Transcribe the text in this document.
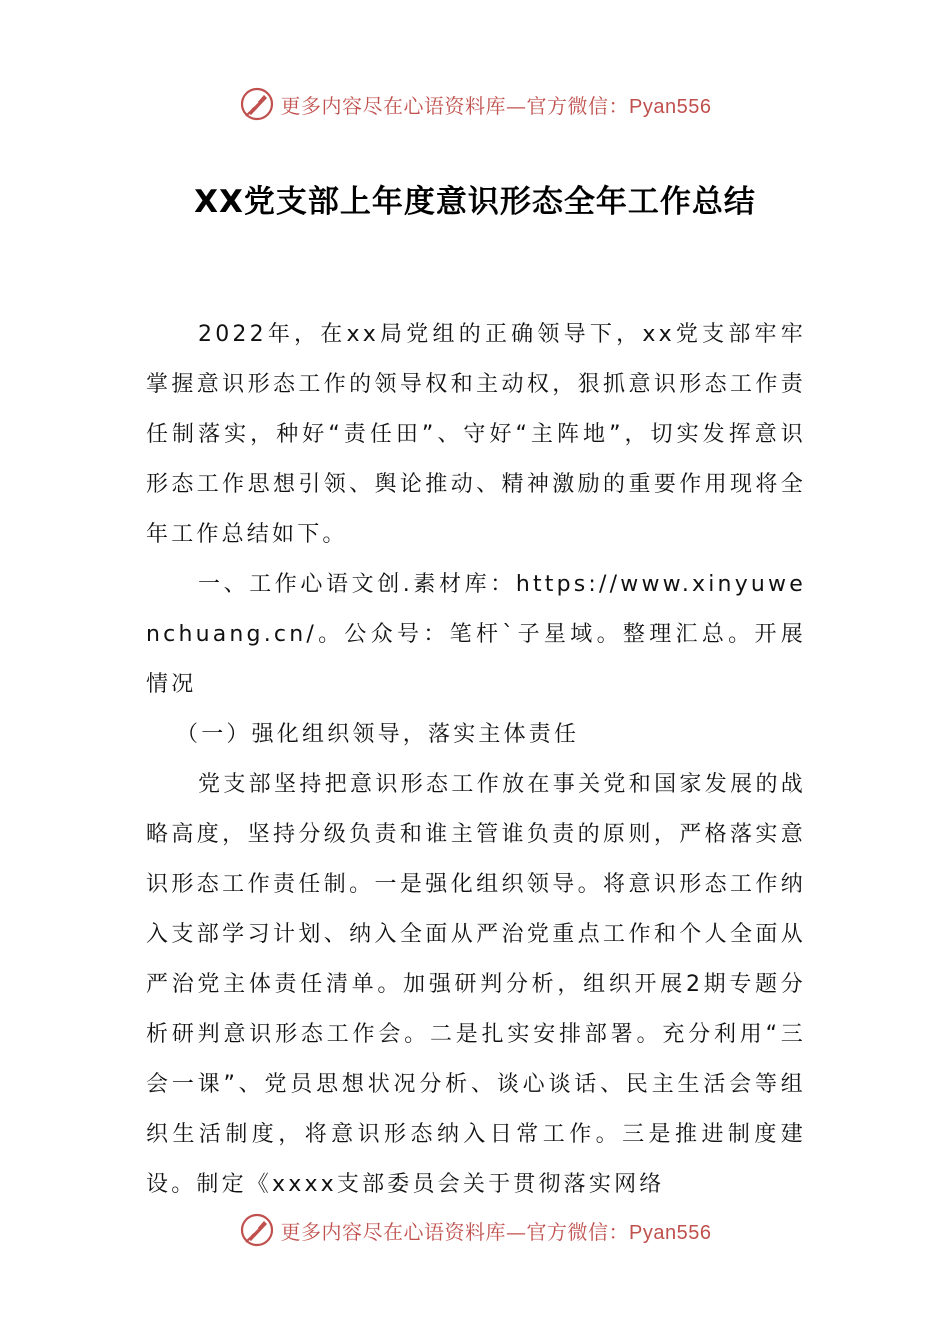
更多内容尽在心语资料库—官方微信：Pyan556
XX党支部上年度意识形态全年工作总结

2022年，在xx局党组的正确领导下，xx党支部牢牢掌握意识形态工作的领导权和主动权，狠抓意识形态工作责任制落实，种好“责任田”、守好“主阵地”，切实发挥意识形态工作思想引领、舆论推动、精神激励的重要作用现将全年工作总结如下。

一、工作心语文创.素材库：https://www.xinyuwenchuang.cn/。公众号：笔杆`子星域。整理汇总。开展情况

（一）强化组织领导，落实主体责任

党支部坚持把意识形态工作放在事关党和国家发展的战略高度，坚持分级负责和谁主管谁负责的原则，严格落实意识形态工作责任制。一是强化组织领导。将意识形态工作纳入支部学习计划、纳入全面从严治党重点工作和个人全面从严治党主体责任清单。加强研判分析，组织开展2期专题分析研判意识形态工作会。二是扎实安排部署。充分利用“三会一课”、党员思想状况分析、谈心谈话、民主生活会等组织生活制度，将意识形态纳入日常工作。三是推进制度建设。制定《xxxx支部委员会关于贯彻落实网络

更多内容尽在心语资料库—官方微信：Pyan556
